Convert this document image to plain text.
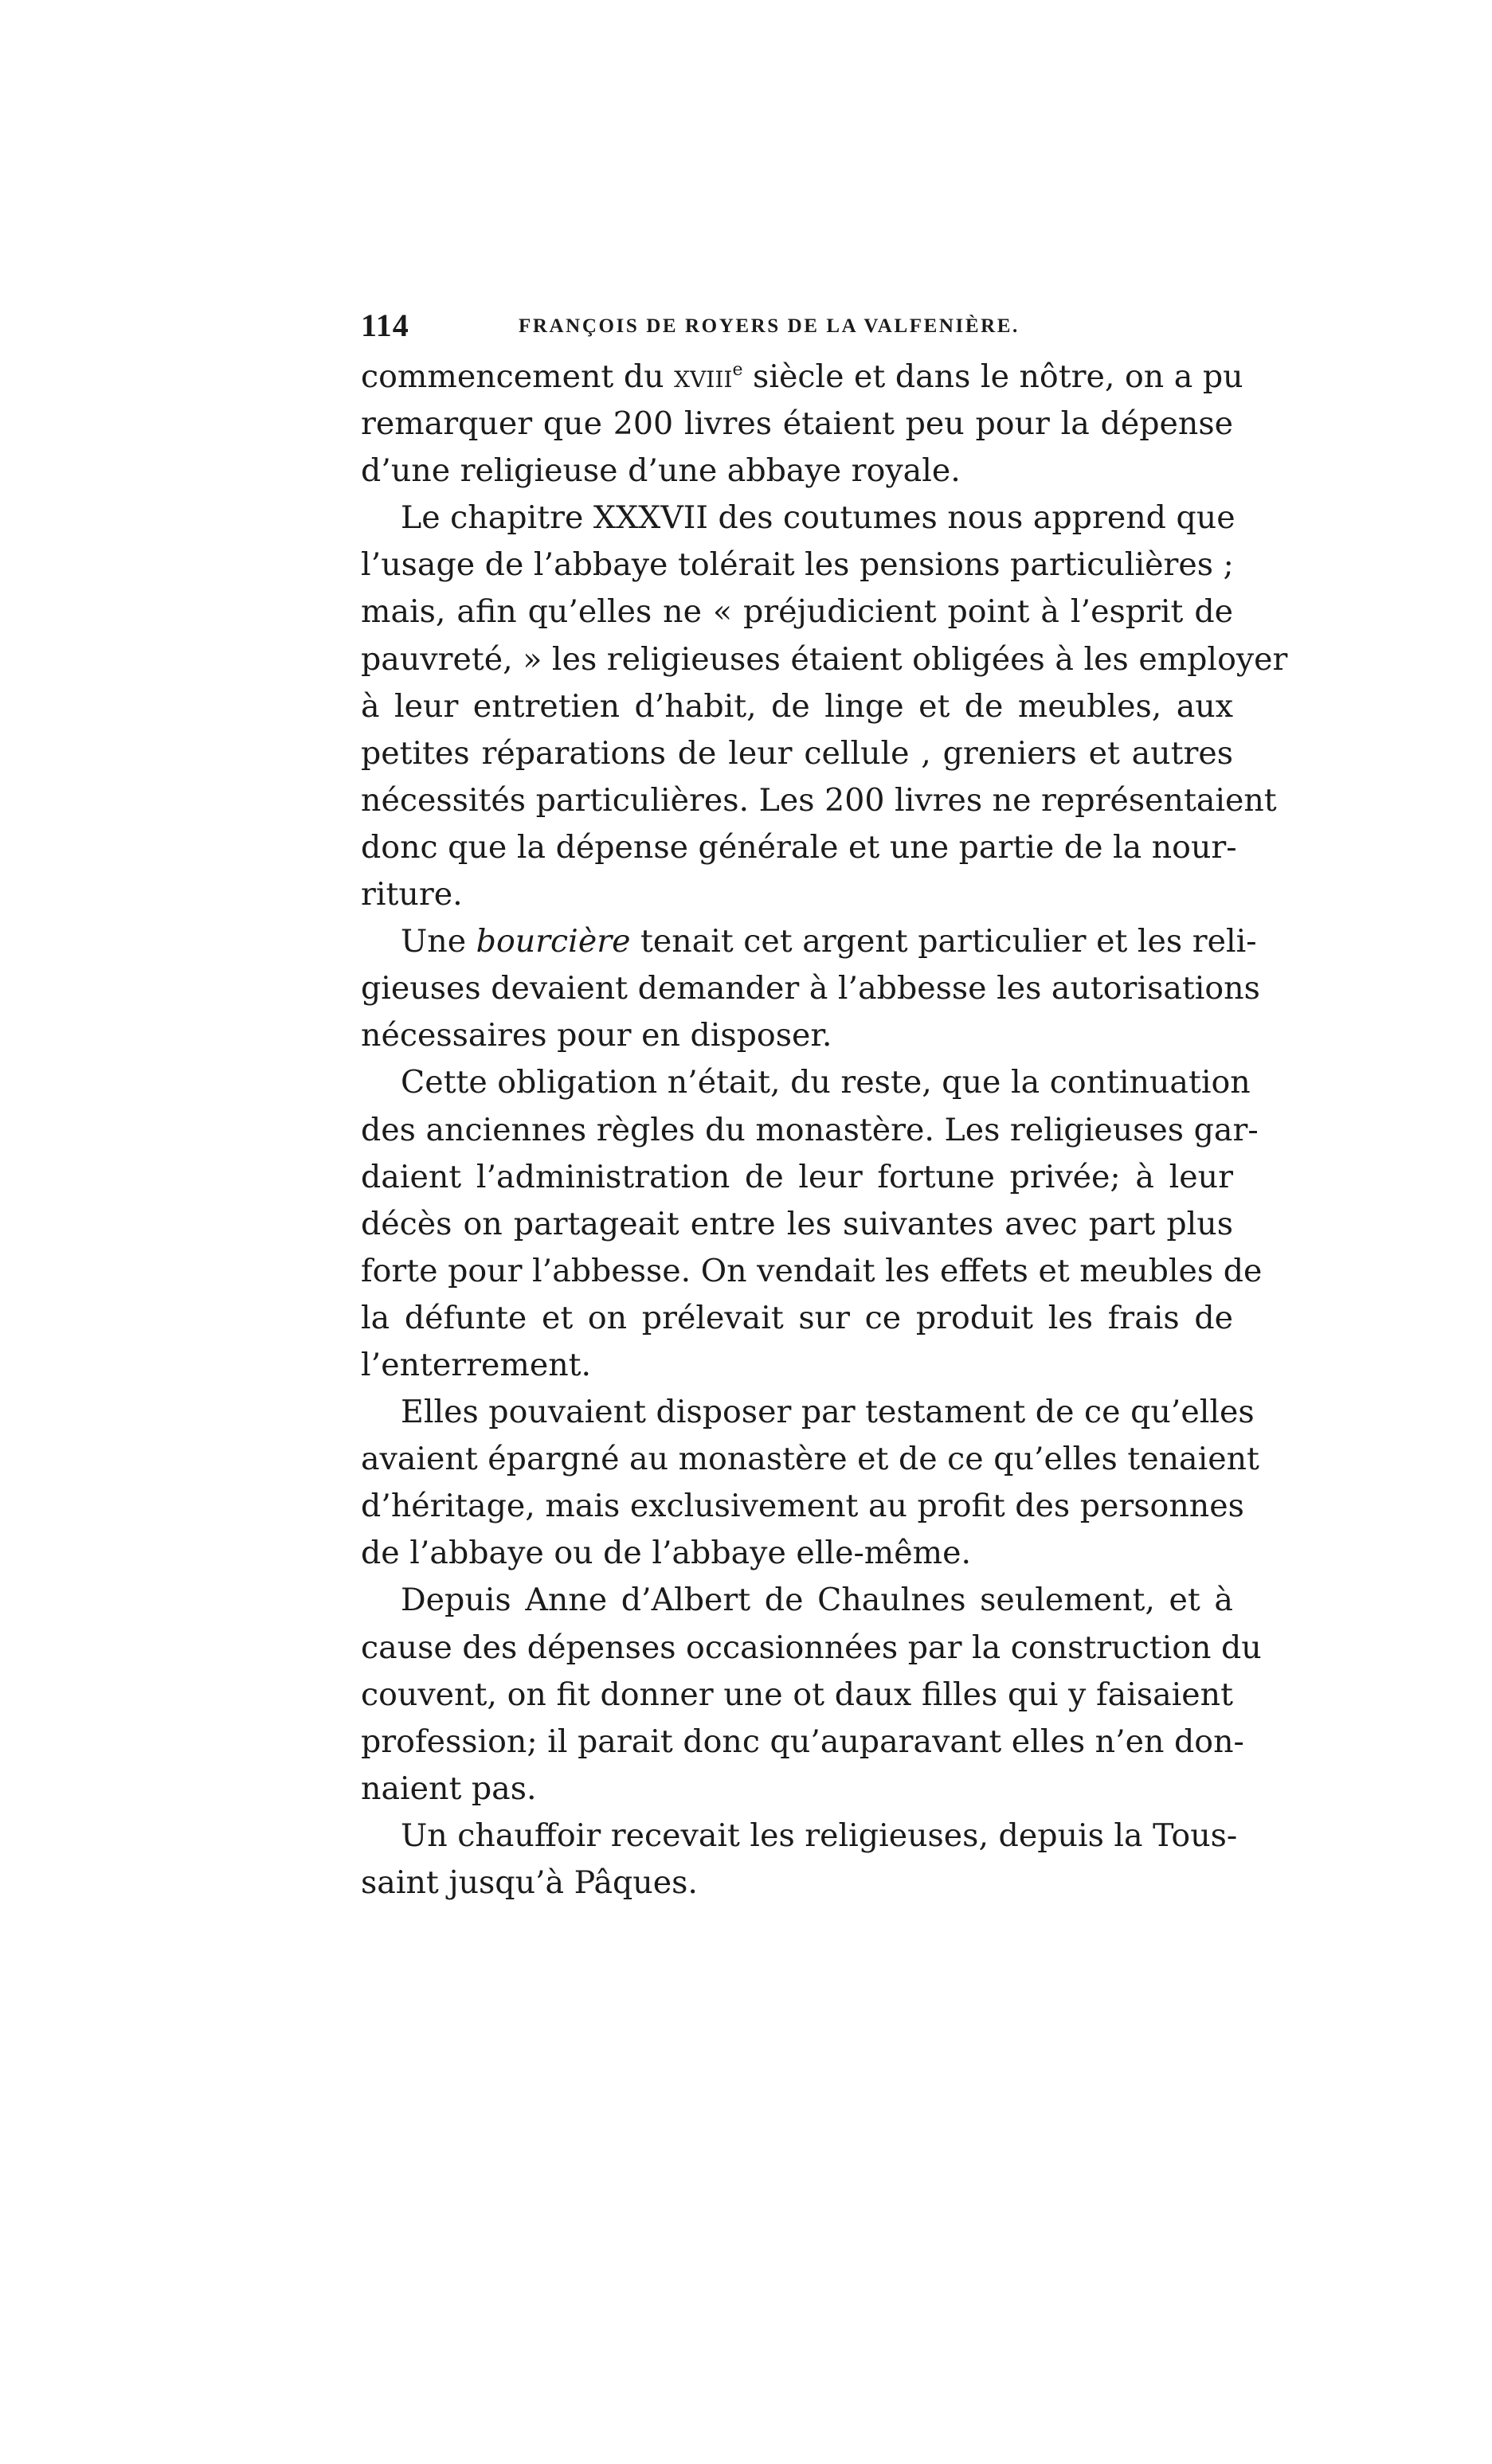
114	FRANÇOIS DE ROYERS DE LA VALFENIÈRE.
commencement du xviii$^e$ siècle et dans le nôtre, on a pu
remarquer que 200 livres étaient peu pour la dépense
d’une religieuse d’une abbaye royale.
Le chapitre XXXVII des coutumes nous apprend que
l’usage de l’abbaye tolérait les pensions particulières ;
mais, afin qu’elles ne « préjudicient point à l’esprit de
pauvreté, » les religieuses étaient obligées à les employer
à leur entretien d’habit, de linge et de meubles, aux
petites réparations de leur cellule , greniers et autres
nécessités particulières. Les 200 livres ne représentaient
donc que la dépense générale et une partie de la nour-
riture.
Une bourcière tenait cet argent particulier et les reli-
gieuses devaient demander à l’abbesse les autorisations
nécessaires pour en disposer.
Cette obligation n’était, du reste, que la continuation
des anciennes règles du monastère. Les religieuses gar-
daient l’administration de leur fortune privée; à leur
décès on partageait entre les suivantes avec part plus
forte pour l’abbesse. On vendait les effets et meubles de
la défunte et on prélevait sur ce produit les frais de
l’enterrement.
Elles pouvaient disposer par testament de ce qu’elles
avaient épargné au monastère et de ce qu’elles tenaient
d’héritage, mais exclusivement au profit des personnes
de l’abbaye ou de l’abbaye elle-même.
Depuis Anne d’Albert de Chaulnes seulement, et à
cause des dépenses occasionnées par la construction du
couvent, on fit donner une ot daux filles qui y faisaient
profession; il parait donc qu’auparavant elles n’en don-
naient pas.
Un chauffoir recevait les religieuses, depuis la Tous-
saint jusqu’à Pâques.
